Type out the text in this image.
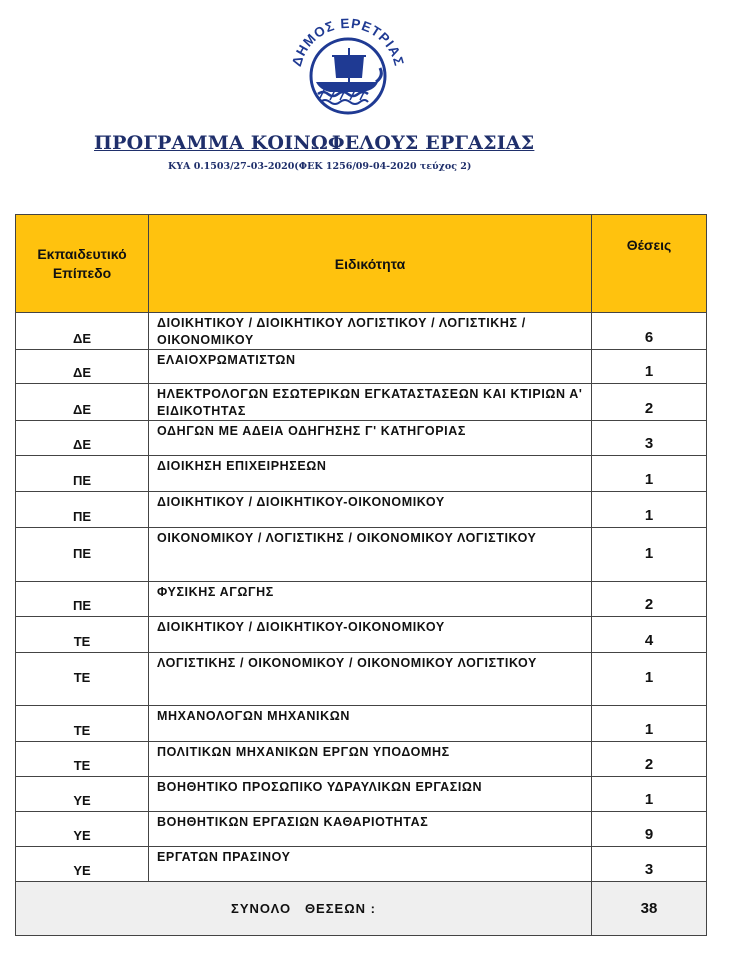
ΔΗΜΟΣ ΕΡΕΤΡΙΑΣ
ΠΡΟΓΡΑΜΜΑ ΚΟΙΝΩΦΕΛΟΥΣ ΕΡΓΑΣΙΑΣ
ΚΥΑ 0.1503/27-03-2020(ΦΕΚ 1256/09-04-2020 τεύχος 2)
Εκπαιδευτικό Επίπεδο	Ειδικότητα	Θέσεις
ΔΕ	ΔΙΟΙΚΗΤΙΚΟΥ / ΔΙΟΙΚΗΤΙΚΟΥ ΛΟΓΙΣΤΙΚΟΥ / ΛΟΓΙΣΤΙΚΗΣ / ΟΙΚΟΝΟΜΙΚΟΥ	6
ΔΕ	ΕΛΑΙΟΧΡΩΜΑΤΙΣΤΩΝ	1
ΔΕ	ΗΛΕΚΤΡΟΛΟΓΩΝ ΕΣΩΤΕΡΙΚΩΝ ΕΓΚΑΤΑΣΤΑΣΕΩΝ ΚΑΙ ΚΤΙΡΙΩΝ Α' ΕΙΔΙΚΟΤΗΤΑΣ	2
ΔΕ	ΟΔΗΓΩΝ ΜΕ ΑΔΕΙΑ ΟΔΗΓΗΣΗΣ Γ' ΚΑΤΗΓΟΡΙΑΣ	3
ΠΕ	ΔΙΟΙΚΗΣΗ ΕΠΙΧΕΙΡΗΣΕΩΝ	1
ΠΕ	ΔΙΟΙΚΗΤΙΚΟΥ / ΔΙΟΙΚΗΤΙΚΟΥ-ΟΙΚΟΝΟΜΙΚΟΥ	1
ΠΕ	ΟΙΚΟΝΟΜΙΚΟΥ / ΛΟΓΙΣΤΙΚΗΣ / ΟΙΚΟΝΟΜΙΚΟΥ ΛΟΓΙΣΤΙΚΟΥ	1
ΠΕ	ΦΥΣΙΚΗΣ ΑΓΩΓΗΣ	2
ΤΕ	ΔΙΟΙΚΗΤΙΚΟΥ / ΔΙΟΙΚΗΤΙΚΟΥ-ΟΙΚΟΝΟΜΙΚΟΥ	4
ΤΕ	ΛΟΓΙΣΤΙΚΗΣ / ΟΙΚΟΝΟΜΙΚΟΥ / ΟΙΚΟΝΟΜΙΚΟΥ ΛΟΓΙΣΤΙΚΟΥ	1
ΤΕ	ΜΗΧΑΝΟΛΟΓΩΝ ΜΗΧΑΝΙΚΩΝ	1
ΤΕ	ΠΟΛΙΤΙΚΩΝ ΜΗΧΑΝΙΚΩΝ ΕΡΓΩΝ ΥΠΟΔΟΜΗΣ	2
ΥΕ	ΒΟΗΘΗΤΙΚΟ ΠΡΟΣΩΠΙΚΟ ΥΔΡΑΥΛΙΚΩΝ ΕΡΓΑΣΙΩΝ	1
ΥΕ	ΒΟΗΘΗΤΙΚΩΝ ΕΡΓΑΣΙΩΝ ΚΑΘΑΡΙΟΤΗΤΑΣ	9
ΥΕ	ΕΡΓΑΤΩΝ ΠΡΑΣΙΝΟΥ	3
ΣΥΝΟΛΟ   ΘΕΣΕΩΝ :		38
